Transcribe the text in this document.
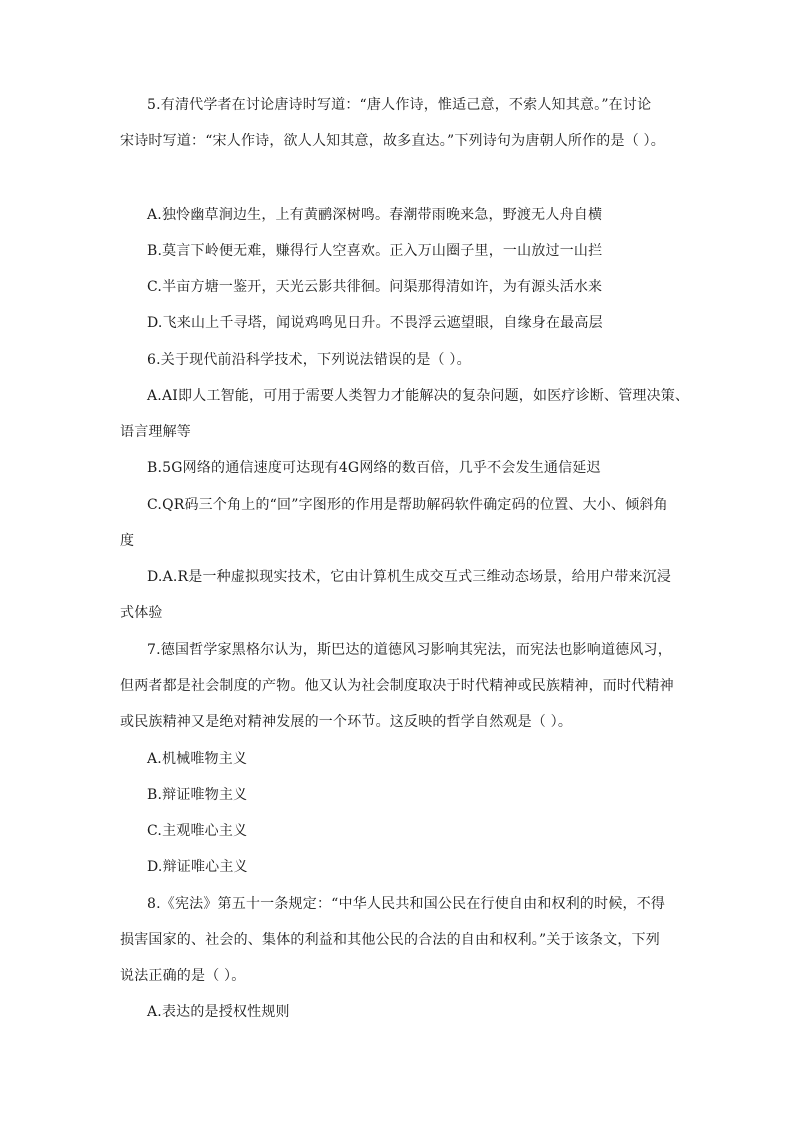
5.有清代学者在讨论唐诗时写道：“唐人作诗，惟适己意，不索人知其意。”在讨论
宋诗时写道：“宋人作诗，欲人人知其意，故多直达。”下列诗句为唐朝人所作的是（ ）。
A.独怜幽草涧边生，上有黄鹂深树鸣。春潮带雨晚来急，野渡无人舟自横
B.莫言下岭便无难，赚得行人空喜欢。正入万山圈子里，一山放过一山拦
C.半亩方塘一鉴开，天光云影共徘徊。问渠那得清如许，为有源头活水来
D.飞来山上千寻塔，闻说鸡鸣见日升。不畏浮云遮望眼，自缘身在最高层
6.关于现代前沿科学技术，下列说法错误的是（ ）。
A.AI即人工智能，可用于需要人类智力才能解决的复杂问题，如医疗诊断、管理决策、
语言理解等
B.5G网络的通信速度可达现有4G网络的数百倍，几乎不会发生通信延迟
C.QR码三个角上的“回”字图形的作用是帮助解码软件确定码的位置、大小、倾斜角
度
D.A.R是一种虚拟现实技术，它由计算机生成交互式三维动态场景，给用户带来沉浸
式体验
7.德国哲学家黑格尔认为，斯巴达的道德风习影响其宪法，而宪法也影响道德风习，
但两者都是社会制度的产物。他又认为社会制度取决于时代精神或民族精神，而时代精神
或民族精神又是绝对精神发展的一个环节。这反映的哲学自然观是（ ）。
A.机械唯物主义
B.辩证唯物主义
C.主观唯心主义
D.辩证唯心主义
8.《宪法》第五十一条规定：“中华人民共和国公民在行使自由和权利的时候，不得
损害国家的、社会的、集体的利益和其他公民的合法的自由和权利。”关于该条文，下列
说法正确的是（ ）。
A.表达的是授权性规则
